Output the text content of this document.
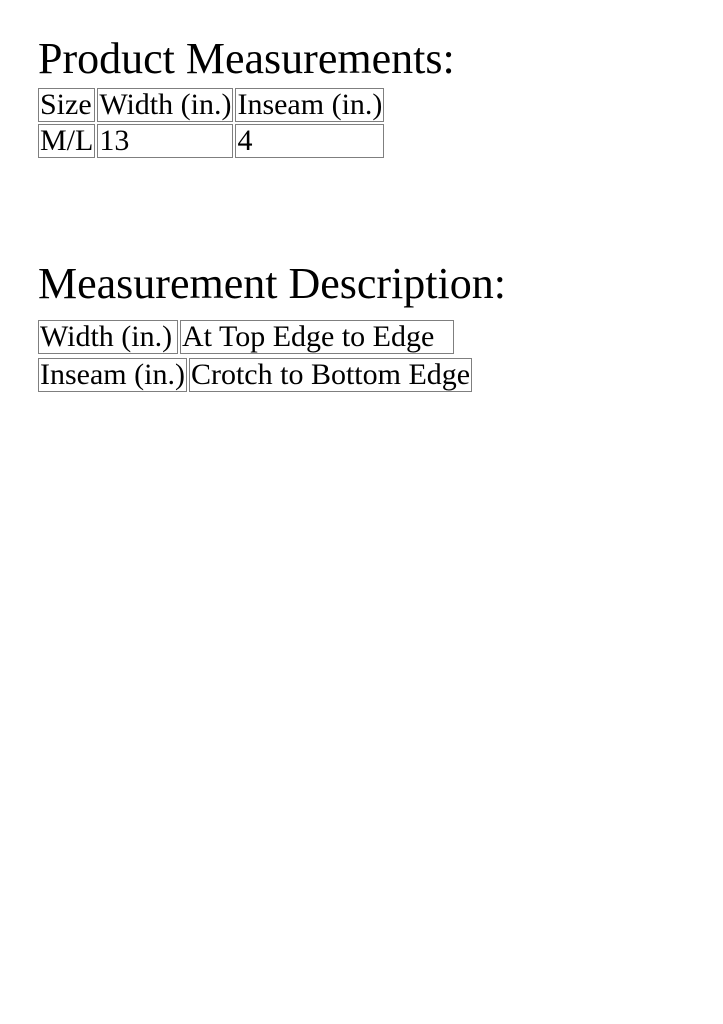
Product Measurements:
Size	Width (in.)	Inseam (in.)
M/L	13	4
Measurement Description:
Width (in.)	At Top Edge to Edge
Inseam (in.)	Crotch to Bottom Edge
